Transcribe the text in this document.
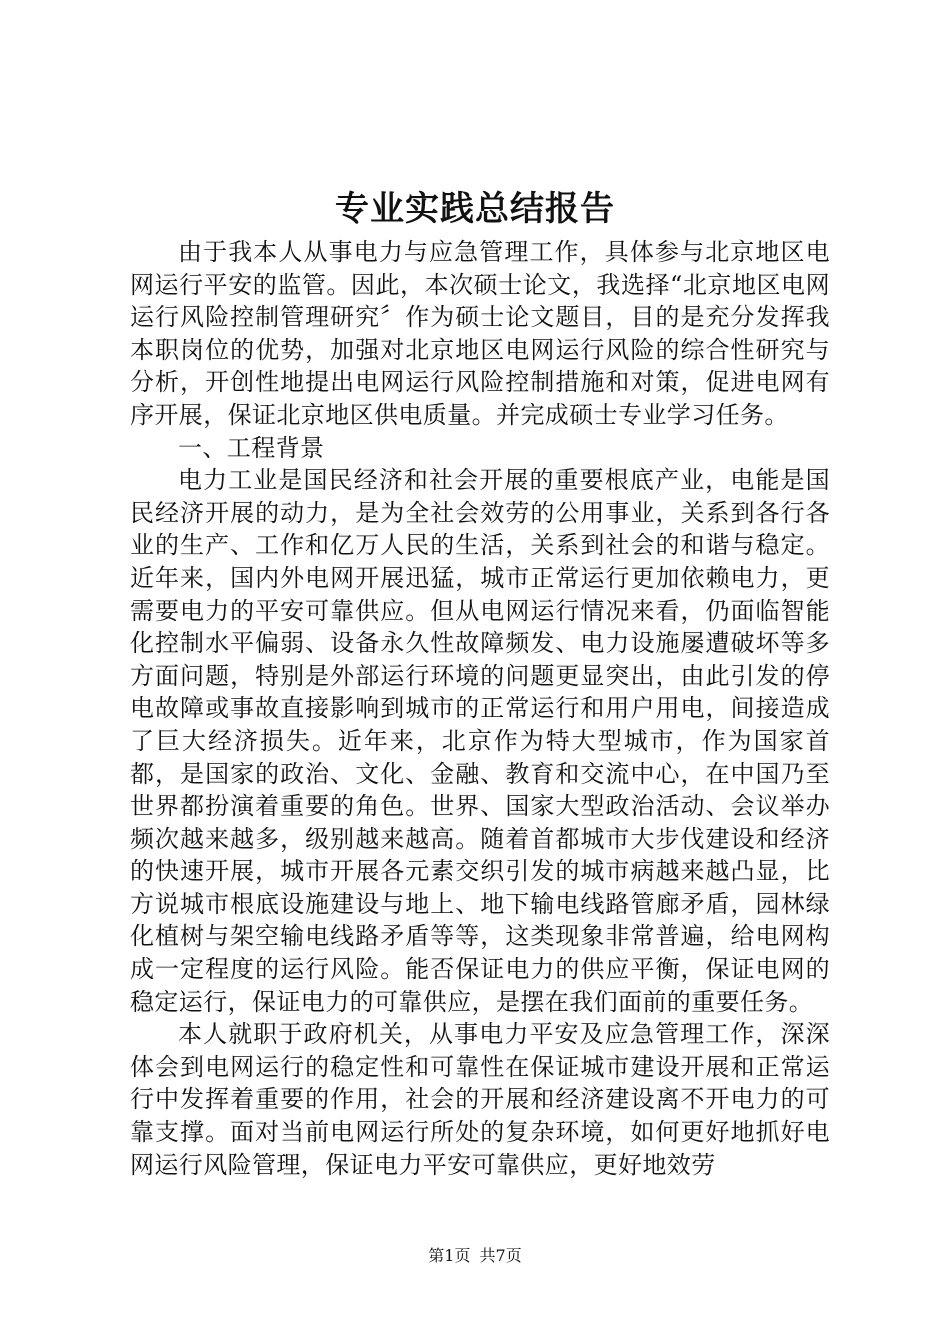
专业实践总结报告

由于我本人从事电力与应急管理工作，具体参与北京地区电网运行平安的监管。因此，本次硕士论文，我选择“北京地区电网运行风险控制管理研究〞作为硕士论文题目，目的是充分发挥我本职岗位的优势，加强对北京地区电网运行风险的综合性研究与分析，开创性地提出电网运行风险控制措施和对策，促进电网有序开展，保证北京地区供电质量。并完成硕士专业学习任务。

一、工程背景

电力工业是国民经济和社会开展的重要根底产业，电能是国民经济开展的动力，是为全社会效劳的公用事业，关系到各行各业的生产、工作和亿万人民的生活，关系到社会的和谐与稳定。近年来，国内外电网开展迅猛，城市正常运行更加依赖电力，更需要电力的平安可靠供应。但从电网运行情况来看，仍面临智能化控制水平偏弱、设备永久性故障频发、电力设施屡遭破坏等多方面问题，特别是外部运行环境的问题更显突出，由此引发的停电故障或事故直接影响到城市的正常运行和用户用电，间接造成了巨大经济损失。近年来，北京作为特大型城市，作为国家首都，是国家的政治、文化、金融、教育和交流中心，在中国乃至世界都扮演着重要的角色。世界、国家大型政治活动、会议举办频次越来越多，级别越来越高。随着首都城市大步伐建设和经济的快速开展，城市开展各元素交织引发的城市病越来越凸显，比方说城市根底设施建设与地上、地下输电线路管廊矛盾，园林绿化植树与架空输电线路矛盾等等，这类现象非常普遍，给电网构成一定程度的运行风险。能否保证电力的供应平衡，保证电网的稳定运行，保证电力的可靠供应，是摆在我们面前的重要任务。

本人就职于政府机关，从事电力平安及应急管理工作，深深体会到电网运行的稳定性和可靠性在保证城市建设开展和正常运行中发挥着重要的作用，社会的开展和经济建设离不开电力的可靠支撑。面对当前电网运行所处的复杂环境，如何更好地抓好电网运行风险管理，保证电力平安可靠供应，更好地效劳

第1页 共7页
